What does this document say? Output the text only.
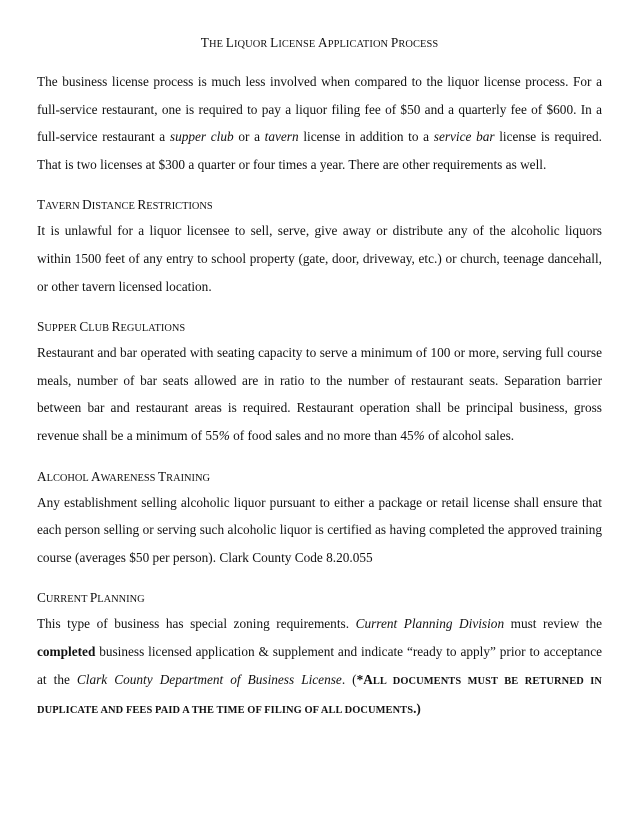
THE LIQUOR LICENSE APPLICATION PROCESS

The business license process is much less involved when compared to the liquor license process. For a full-service restaurant, one is required to pay a liquor filing fee of $50 and a quarterly fee of $600. In a full-service restaurant a supper club or a tavern license in addition to a service bar license is required. That is two licenses at $300 a quarter or four times a year. There are other requirements as well.

TAVERN DISTANCE RESTRICTIONS

It is unlawful for a liquor licensee to sell, serve, give away or distribute any of the alcoholic liquors within 1500 feet of any entry to school property (gate, door, driveway, etc.) or church, teenage dancehall, or other tavern licensed location.

SUPPER CLUB REGULATIONS

Restaurant and bar operated with seating capacity to serve a minimum of 100 or more, serving full course meals, number of bar seats allowed are in ratio to the number of restaurant seats. Separation barrier between bar and restaurant areas is required. Restaurant operation shall be principal business, gross revenue shall be a minimum of 55% of food sales and no more than 45% of alcohol sales.

ALCOHOL AWARENESS TRAINING

Any establishment selling alcoholic liquor pursuant to either a package or retail license shall ensure that each person selling or serving such alcoholic liquor is certified as having completed the approved training course (averages $50 per person). Clark County Code 8.20.055

CURRENT PLANNING

This type of business has special zoning requirements. Current Planning Division must review the completed business licensed application & supplement and indicate “ready to apply” prior to acceptance at the Clark County Department of Business License. (*ALL DOCUMENTS MUST BE RETURNED IN DUPLICATE AND FEES PAID A THE TIME OF FILING OF ALL DOCUMENTS.)
